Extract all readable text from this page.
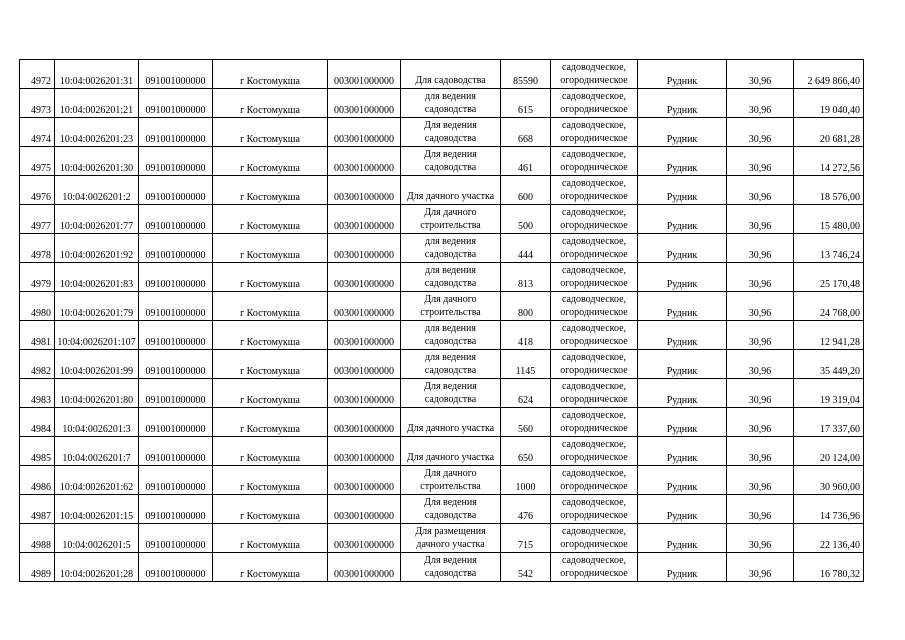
4972	10:04:0026201:31	091001000000	г Костомукша	003001000000	Для садоводства	85590	садоводческое, огородническое	Рудник	30,96	2 649 866,40
4973	10:04:0026201:21	091001000000	г Костомукша	003001000000	для ведения садоводства	615	садоводческое, огородническое	Рудник	30,96	19 040,40
4974	10:04:0026201:23	091001000000	г Костомукша	003001000000	Для ведения садоводства	668	садоводческое, огородническое	Рудник	30,96	20 681,28
4975	10:04:0026201:30	091001000000	г Костомукша	003001000000	Для ведения садоводства	461	садоводческое, огородническое	Рудник	30,96	14 272,56
4976	10:04:0026201:2	091001000000	г Костомукша	003001000000	Для дачного участка	600	садоводческое, огородническое	Рудник	30,96	18 576,00
4977	10:04:0026201:77	091001000000	г Костомукша	003001000000	Для дачного строительства	500	садоводческое, огородническое	Рудник	30,96	15 480,00
4978	10:04:0026201:92	091001000000	г Костомукша	003001000000	для ведения садоводства	444	садоводческое, огородническое	Рудник	30,96	13 746,24
4979	10:04:0026201:83	091001000000	г Костомукша	003001000000	для ведения садоводства	813	садоводческое, огородническое	Рудник	30,96	25 170,48
4980	10:04:0026201:79	091001000000	г Костомукша	003001000000	Для дачного строительства	800	садоводческое, огородническое	Рудник	30,96	24 768,00
4981	10:04:0026201:107	091001000000	г Костомукша	003001000000	для ведения садоводства	418	садоводческое, огородническое	Рудник	30,96	12 941,28
4982	10:04:0026201:99	091001000000	г Костомукша	003001000000	для ведения садоводства	1145	садоводческое, огородническое	Рудник	30,96	35 449,20
4983	10:04:0026201:80	091001000000	г Костомукша	003001000000	Для ведения садоводства	624	садоводческое, огородническое	Рудник	30,96	19 319,04
4984	10:04:0026201:3	091001000000	г Костомукша	003001000000	Для дачного участка	560	садоводческое, огородническое	Рудник	30,96	17 337,60
4985	10:04:0026201:7	091001000000	г Костомукша	003001000000	Для дачного участка	650	садоводческое, огородническое	Рудник	30,96	20 124,00
4986	10:04:0026201:62	091001000000	г Костомукша	003001000000	Для дачного строительства	1000	садоводческое, огородническое	Рудник	30,96	30 960,00
4987	10:04:0026201:15	091001000000	г Костомукша	003001000000	Для ведения садоводства	476	садоводческое, огородническое	Рудник	30,96	14 736,96
4988	10:04:0026201:5	091001000000	г Костомукша	003001000000	Для размещения дачного участка	715	садоводческое, огородническое	Рудник	30,96	22 136,40
4989	10:04:0026201:28	091001000000	г Костомукша	003001000000	Для ведения садоводства	542	садоводческое, огородническое	Рудник	30,96	16 780,32
